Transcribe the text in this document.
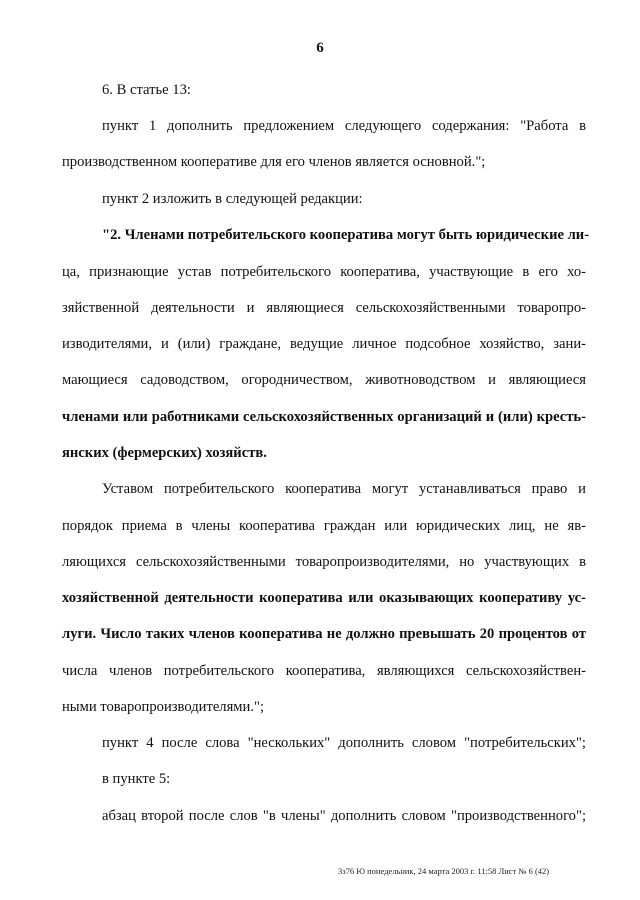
6
6. В статье 13:
пункт 1 дополнить предложением следующего содержания: "Работа в
производственном кооперативе для его членов является основной.";
пункт 2 изложить в следующей редакции:
"2. Членами потребительского кооператива могут быть юридические ли-
ца, признающие устав потребительского кооператива, участвующие в его хо-
зяйственной деятельности и являющиеся сельскохозяйственными товаропро-
изводителями, и (или) граждане, ведущие личное подсобное хозяйство, зани-
мающиеся садоводством, огородничеством, животноводством и являющиеся
членами или работниками сельскохозяйственных организаций и (или) кресть-
янских (фермерских) хозяйств.
Уставом потребительского кооператива могут устанавливаться право и
порядок приема в члены кооператива граждан или юридических лиц, не яв-
ляющихся сельскохозяйственными товаропроизводителями, но участвующих в
хозяйственной деятельности кооператива или оказывающих кооперативу ус-
луги. Число таких членов кооператива не должно превышать 20 процентов от
числа членов потребительского кооператива, являющихся сельскохозяйствен-
ными товаропроизводителями.";
пункт 4 после слова "нескольких" дополнить словом "потребительских";
в пункте 5:
абзац второй после слов "в члены" дополнить словом "производственного";
3з76 Ю понедельник, 24 марта 2003 г. 11:58 Лист № 6 (42)
